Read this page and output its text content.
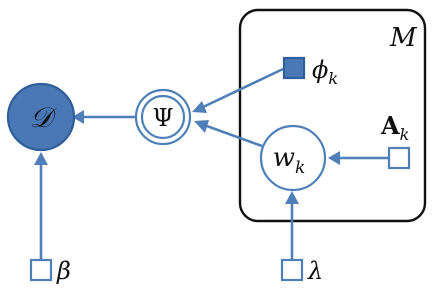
M
𝒟	Ψ
$w_k$
$\phi_k$
$A_k$
β	λ
